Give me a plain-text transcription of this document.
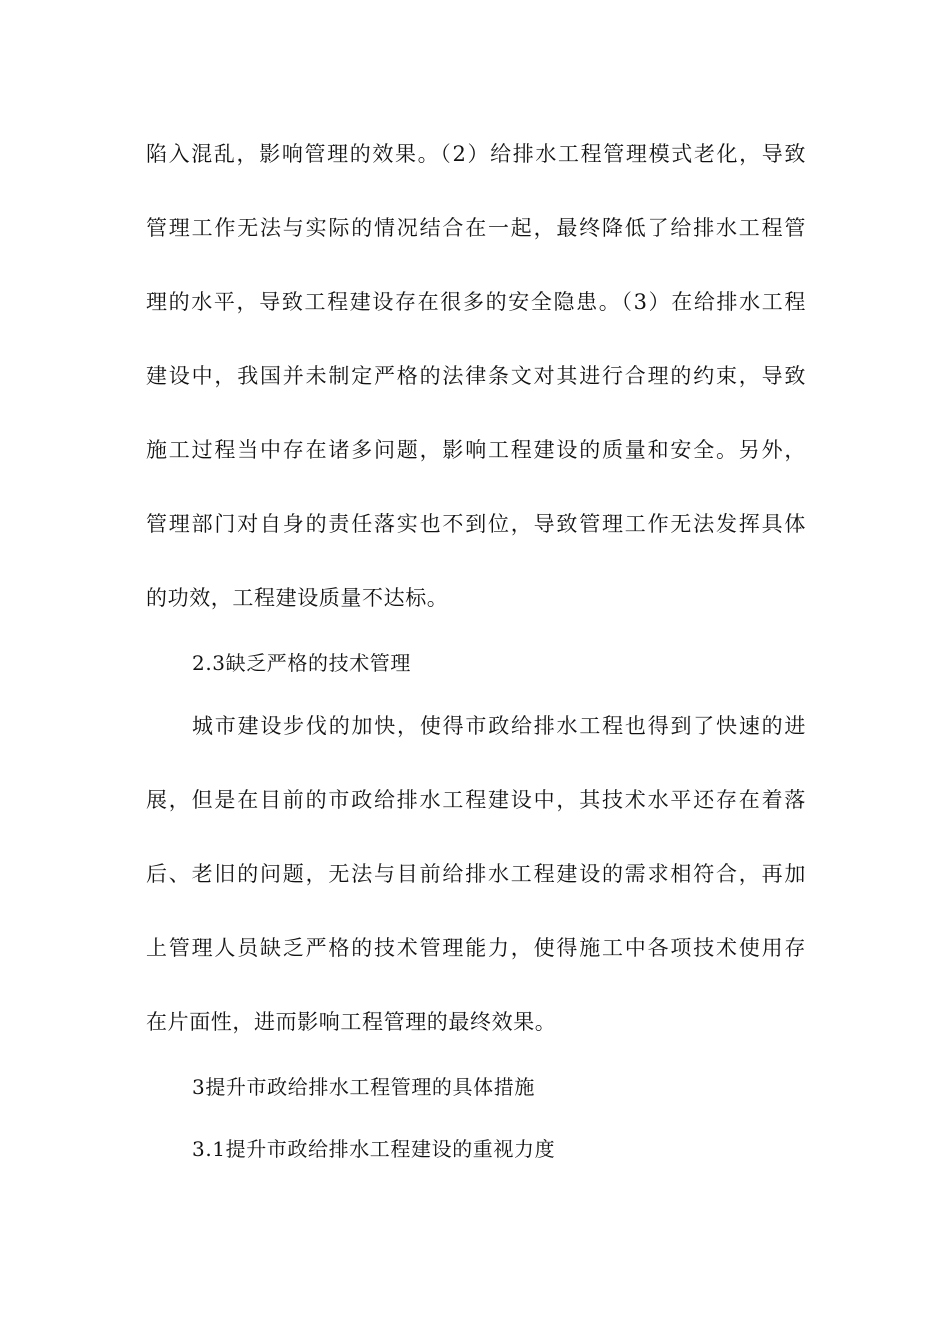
陷入混乱，影响管理的效果。（2）给排水工程管理模式老化，导致
管理工作无法与实际的情况结合在一起，最终降低了给排水工程管
理的水平，导致工程建设存在很多的安全隐患。（3）在给排水工程
建设中，我国并未制定严格的法律条文对其进行合理的约束，导致
施工过程当中存在诸多问题，影响工程建设的质量和安全。另外，
管理部门对自身的责任落实也不到位，导致管理工作无法发挥具体
的功效，工程建设质量不达标。
2.3缺乏严格的技术管理
城市建设步伐的加快，使得市政给排水工程也得到了快速的进
展，但是在目前的市政给排水工程建设中，其技术水平还存在着落
后、老旧的问题，无法与目前给排水工程建设的需求相符合，再加
上管理人员缺乏严格的技术管理能力，使得施工中各项技术使用存
在片面性，进而影响工程管理的最终效果。
3提升市政给排水工程管理的具体措施
3.1提升市政给排水工程建设的重视力度
